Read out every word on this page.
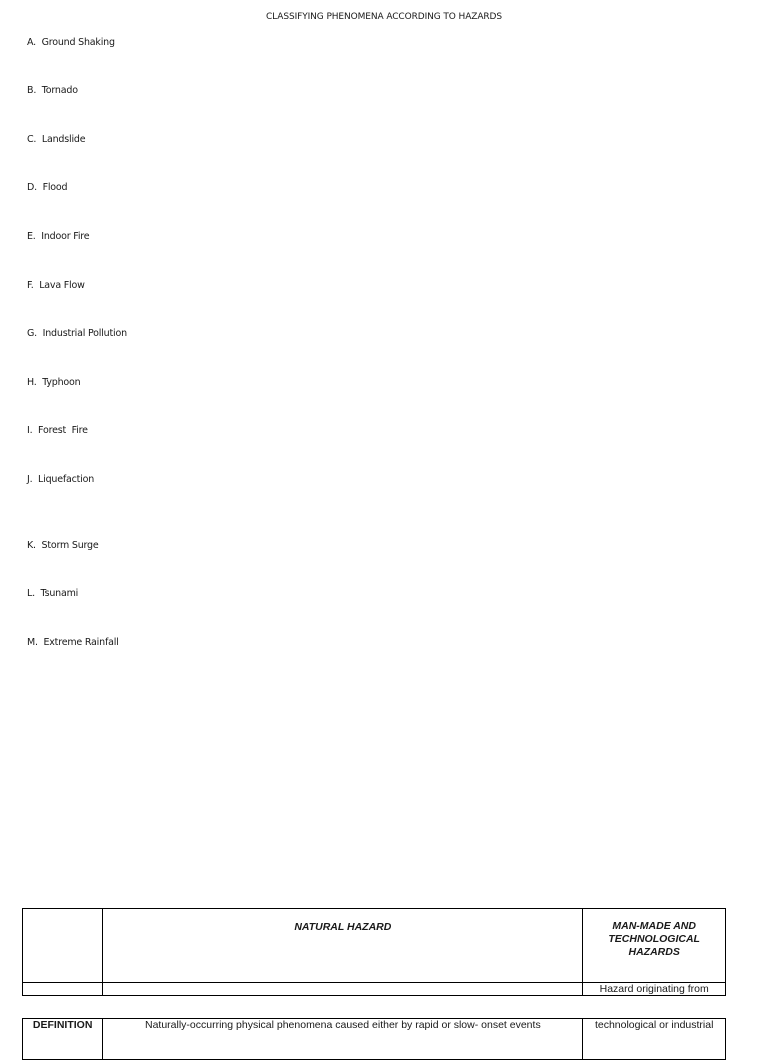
CLASSIFYING PHENOMENA ACCORDING TO HAZARDS
A.  Ground Shaking
B.  Tornado
C.  Landslide
D.  Flood
E.  Indoor Fire
F.  Lava Flow
G.  Industrial Pollution
H.  Typhoon
I.  Forest  Fire
J.  Liquefaction
K.  Storm Surge
L.  Tsunami
M.  Extreme Rainfall
	NATURAL HAZARD	MAN-MADE AND
TECHNOLOGICAL
HAZARDS

		Hazard originating from
DEFINITION	Naturally-occurring physical phenomena caused either by rapid or slow- onset events	technological or industrial
